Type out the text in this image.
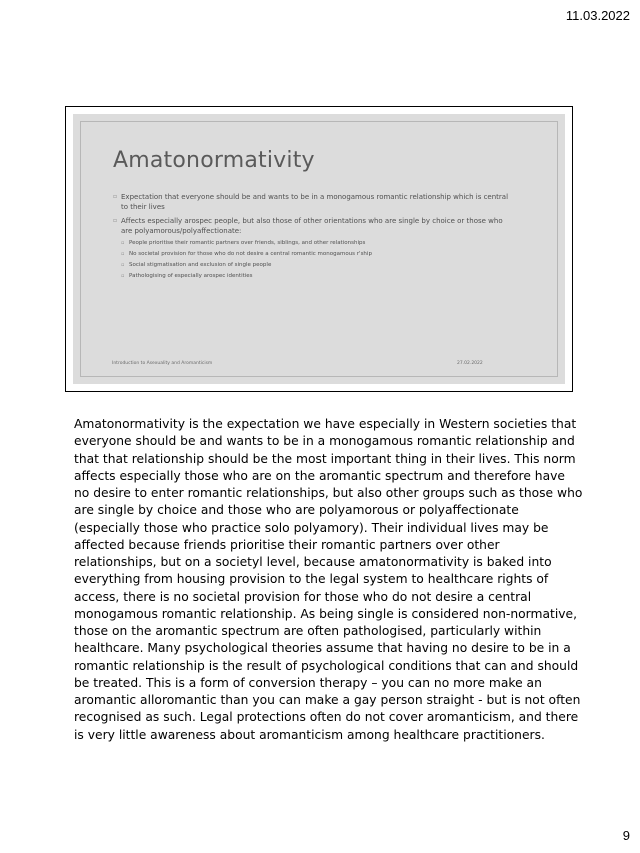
11.03.2022
Amatonormativity
▫ Expectation that everyone should be and wants to be in a monogamous romantic relationship which is central to their lives
▫ Affects especially arospec people, but also those of other orientations who are single by choice or those who are polyamorous/polyaffectionate:
▫ People prioritise their romantic partners over friends, siblings, and other relationships
▫ No societal provision for those who do not desire a central romantic monogamous r'ship
▫ Social stigmatisation and exclusion of single people
▫ Pathologising of especially arospec identities
Introduction to Asexuality and Aromanticism	27.02.2022

Amatonormativity is the expectation we have especially in Western societies that everyone should be and wants to be in a monogamous romantic relationship and that that relationship should be the most important thing in their lives. This norm affects especially those who are on the aromantic spectrum and therefore have no desire to enter romantic relationships, but also other groups such as those who are single by choice and those who are polyamorous or polyaffectionate (especially those who practice solo polyamory). Their individual lives may be affected because friends prioritise their romantic partners over other relationships, but on a societyl level, because amatonormativity is baked into everything from housing provision to the legal system to healthcare rights of access, there is no societal provision for those who do not desire a central monogamous romantic relationship. As being single is considered non-normative, those on the aromantic spectrum are often pathologised, particularly within healthcare. Many psychological theories assume that having no desire to be in a romantic relationship is the result of psychological conditions that can and should be treated. This is a form of conversion therapy – you can no more make an aromantic alloromantic than you can make a gay person straight - but is not often recognised as such. Legal protections often do not cover aromanticism, and there is very little awareness about aromanticism among healthcare practitioners.

9
